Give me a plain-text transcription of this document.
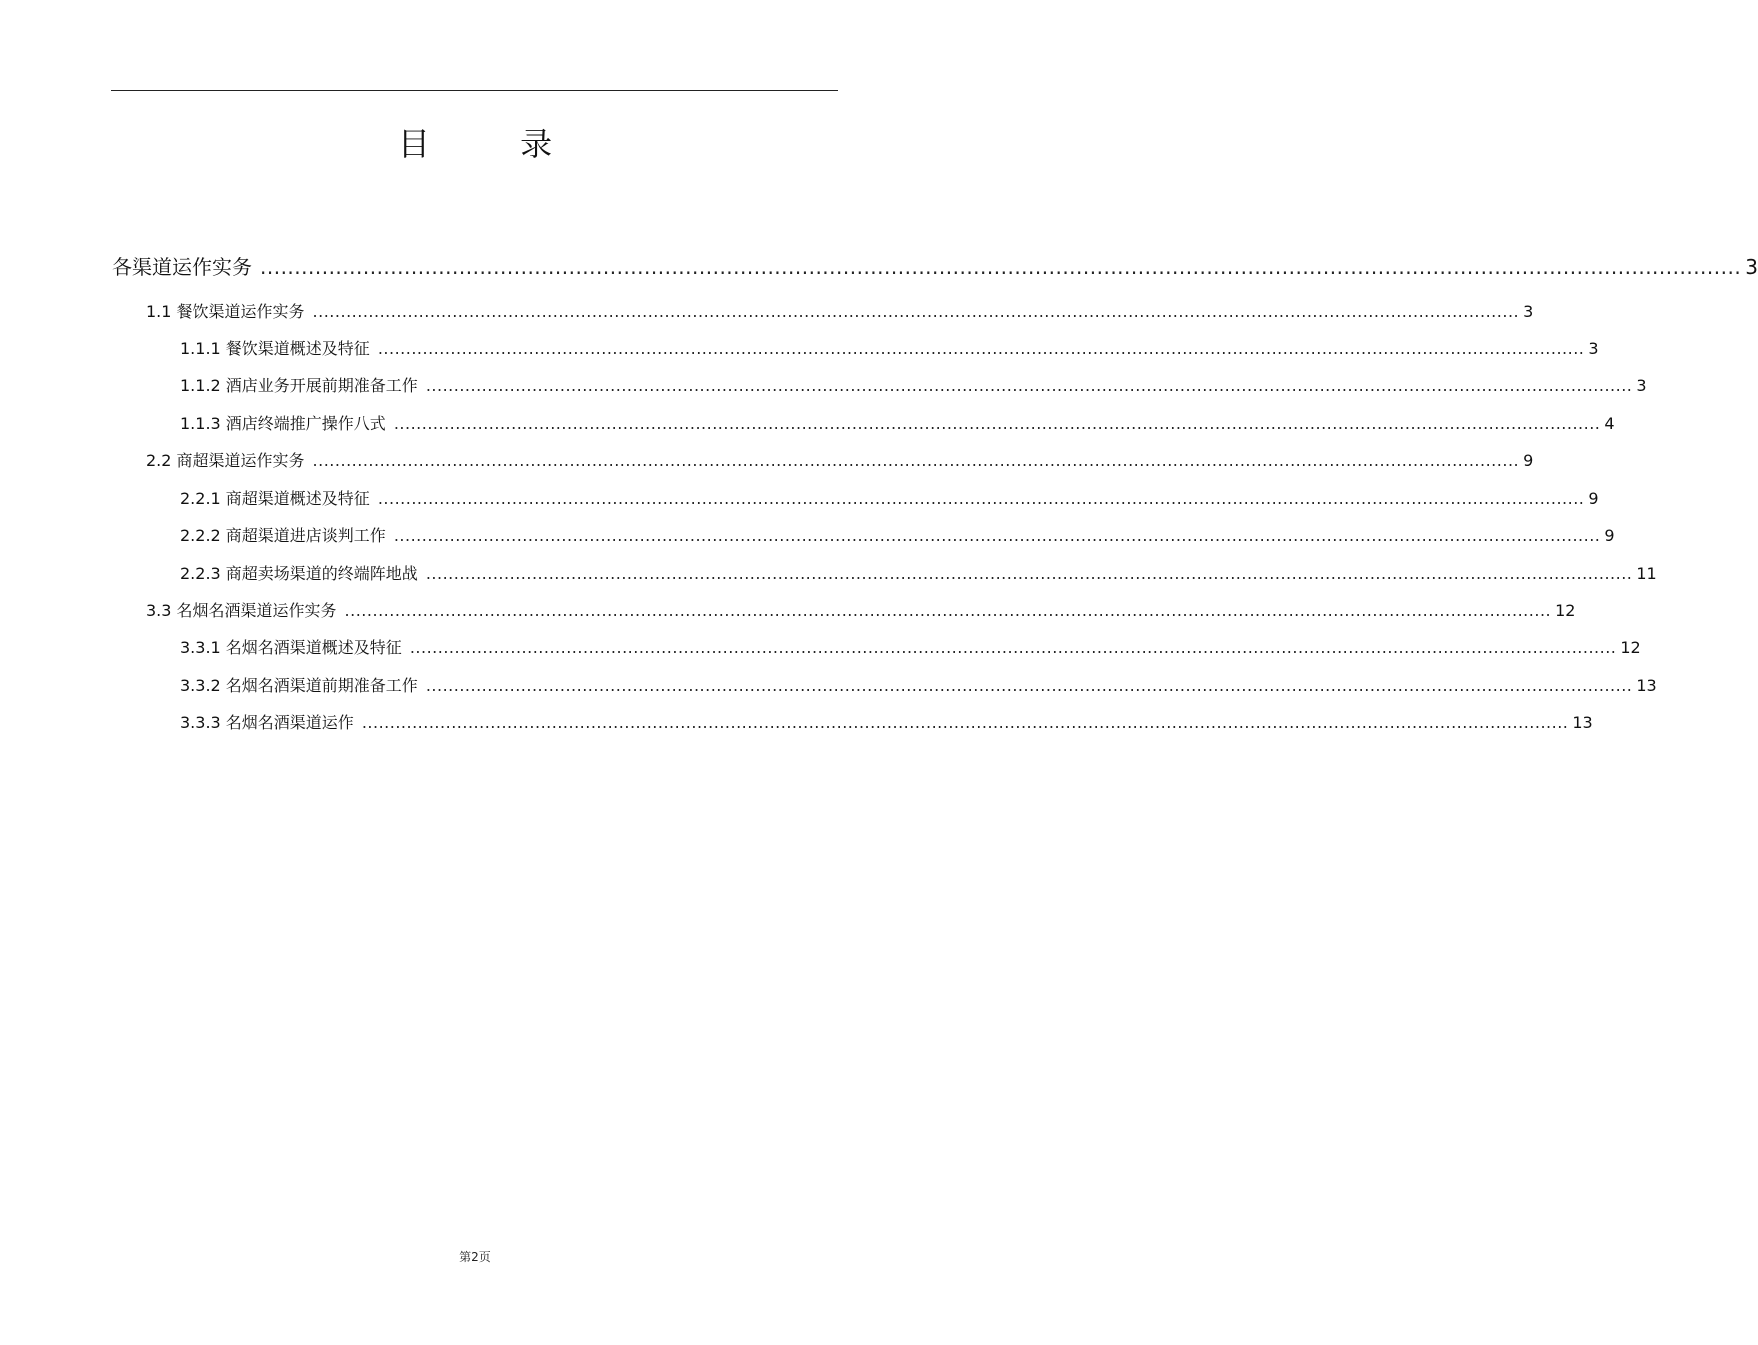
目 录
各渠道运作实务 ........................................................................................................................................................................................................................ 3
1.1 餐饮渠道运作实务 ........................................................................................................................................................................................................................ 3
1.1.1 餐饮渠道概述及特征 ........................................................................................................................................................................................................................ 3
1.1.2 酒店业务开展前期准备工作 ........................................................................................................................................................................................................................ 3
1.1.3 酒店终端推广操作八式 ........................................................................................................................................................................................................................ 4
2.2 商超渠道运作实务 ........................................................................................................................................................................................................................ 9
2.2.1 商超渠道概述及特征 ........................................................................................................................................................................................................................ 9
2.2.2 商超渠道进店谈判工作 ........................................................................................................................................................................................................................ 9
2.2.3 商超卖场渠道的终端阵地战 ........................................................................................................................................................................................................................ 11
3.3 名烟名酒渠道运作实务 ........................................................................................................................................................................................................................ 12
3.3.1 名烟名酒渠道概述及特征 ........................................................................................................................................................................................................................ 12
3.3.2 名烟名酒渠道前期准备工作 ........................................................................................................................................................................................................................ 13
3.3.3 名烟名酒渠道运作 ........................................................................................................................................................................................................................ 13
第2页
